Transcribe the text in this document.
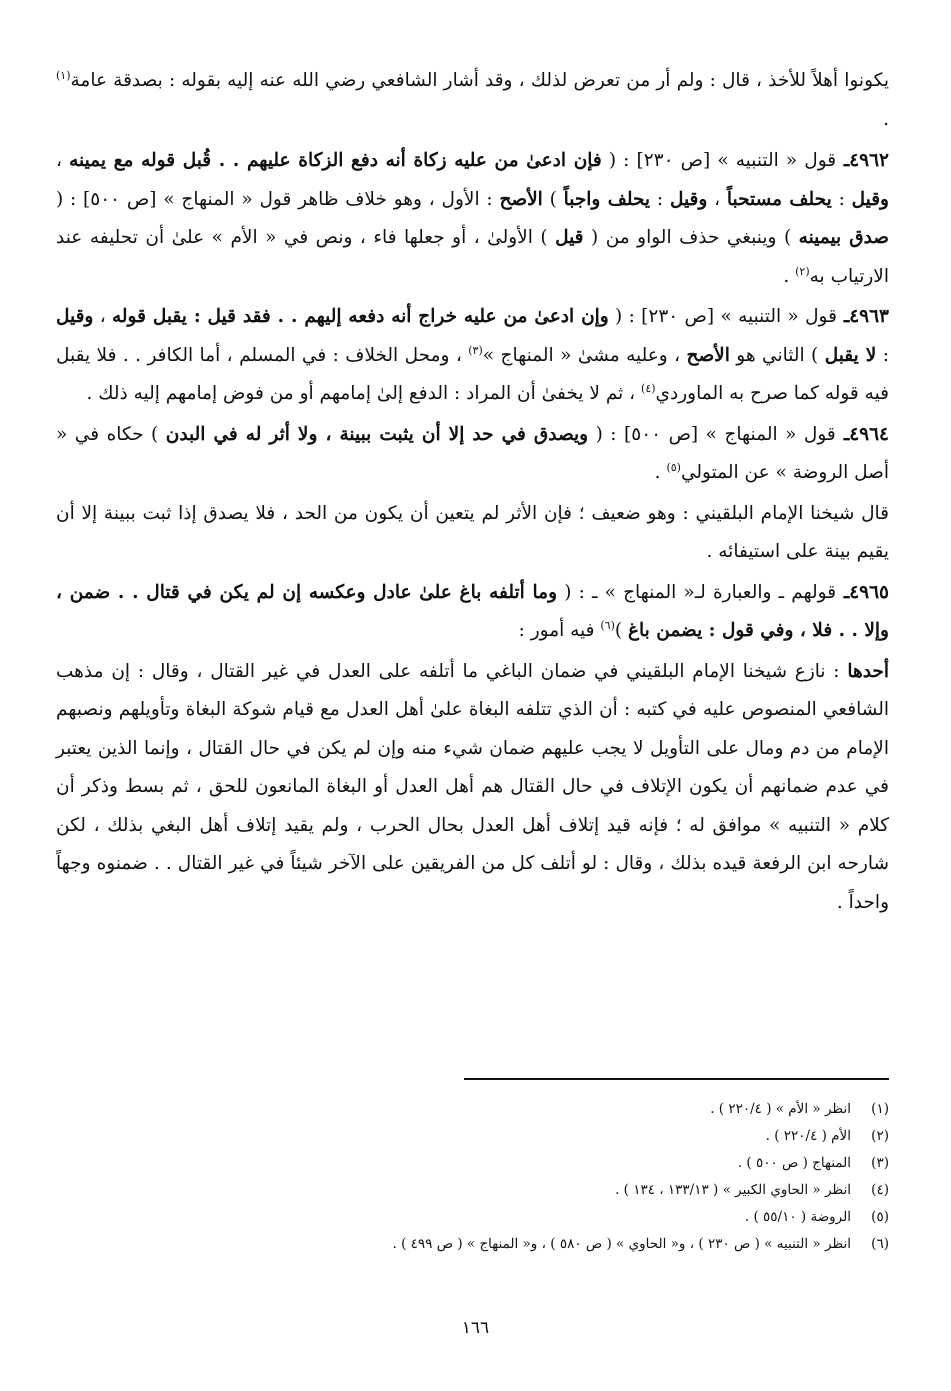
يكونوا أهلاً للأخذ ، قال : ولم أر من تعرض لذلك ، وقد أشار الشافعي رضي الله عنه إليه بقوله : بصدقة عامة$^{(١)}$ .

٤٩٦٢ـ قول « التنبيه » [ص ٢٣٠] : ( فإن ادعىٰ من عليه زكاة أنه دفع الزكاة عليهم . . قُبل قوله مع يمينه ، وقيل : يحلف مستحباً ، وقيل : يحلف واجباً ) الأصح : الأول ، وهو خلاف ظاهر قول « المنهاج » [ص ٥٠٠] : ( صدق بيمينه ) وينبغي حذف الواو من ( قيل ) الأولىٰ ، أو جعلها فاء ، ونص في « الأم » علىٰ أن تحليفه عند الارتياب به$^{(٢)}$ .

٤٩٦٣ـ قول « التنبيه » [ص ٢٣٠] : ( وإن ادعىٰ من عليه خراج أنه دفعه إليهم . . فقد قيل : يقبل قوله ، وقيل : لا يقبل ) الثاني هو الأصح ، وعليه مشىٰ « المنهاج »$^{(٣)}$ ، ومحل الخلاف : في المسلم ، أما الكافر . . فلا يقبل فيه قوله كما صرح به الماوردي$^{(٤)}$ ، ثم لا يخفىٰ أن المراد : الدفع إلىٰ إمامهم أو من فوض إمامهم إليه ذلك .

٤٩٦٤ـ قول « المنهاج » [ص ٥٠٠] : ( ويصدق في حد إلا أن يثبت ببينة ، ولا أثر له في البدن ) حكاه في « أصل الروضة » عن المتولي$^{(٥)}$ .

قال شيخنا الإمام البلقيني : وهو ضعيف ؛ فإن الأثر لم يتعين أن يكون من الحد ، فلا يصدق إذا ثبت ببينة إلا أن يقيم بينة على استيفائه .

٤٩٦٥ـ قولهم ـ والعبارة لـ« المنهاج » ـ : ( وما أتلفه باغ علىٰ عادل وعكسه إن لم يكن في قتال . . ضمن ، وإلا . . فلا ، وفي قول : يضمن باغ )$^{(٦)}$ فيه أمور :

أحدها : نازع شيخنا الإمام البلقيني في ضمان الباغي ما أتلفه على العدل في غير القتال ، وقال : إن مذهب الشافعي المنصوص عليه في كتبه : أن الذي تتلفه البغاة علىٰ أهل العدل مع قيام شوكة البغاة وتأويلهم ونصبهم الإمام من دم ومال على التأويل لا يجب عليهم ضمان شيء منه وإن لم يكن في حال القتال ، وإنما الذين يعتبر في عدم ضمانهم أن يكون الإتلاف في حال القتال هم أهل العدل أو البغاة المانعون للحق ، ثم بسط وذكر أن كلام « التنبيه » موافق له ؛ فإنه قيد إتلاف أهل العدل بحال الحرب ، ولم يقيد إتلاف أهل البغي بذلك ، لكن شارحه ابن الرفعة قيده بذلك ، وقال : لو أتلف كل من الفريقين على الآخر شيئاً في غير القتال . . ضمنوه وجهاً واحداً .

(١)
انظر « الأم » ( ٢٢٠/٤ ) .
(٢)
الأم ( ٢٢٠/٤ ) .
(٣)
المنهاج ( ص ٥٠٠ ) .
(٤)
انظر « الحاوي الكبير » ( ١٣٣/١٣ ، ١٣٤ ) .
(٥)
الروضة ( ٥٥/١٠ ) .
(٦)
انظر « التنبيه » ( ص ٢٣٠ ) ، و« الحاوي » ( ص ٥٨٠ ) ، و« المنهاج » ( ص ٤٩٩ ) .
١٦٦
